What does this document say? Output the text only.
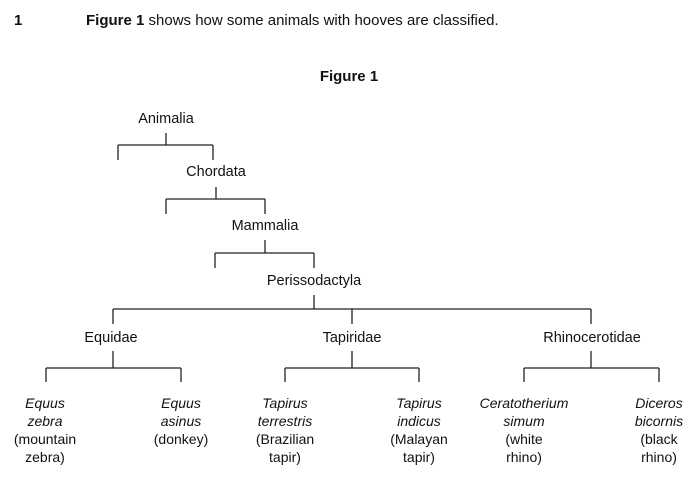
1	Figure 1 shows how some animals with hooves are classified.
Figure 1
Animalia
Chordata
Mammalia
Perissodactyla
Equidae	Tapiridae	Rhinocerotidae
Equus
zebra
(mountain
zebra)
Equus
asinus
(donkey)
Tapirus
terrestris
(Brazilian
tapir)
Tapirus
indicus
(Malayan
tapir)
Ceratotherium
simum
(white
rhino)
Diceros
bicornis
(black
rhino)
